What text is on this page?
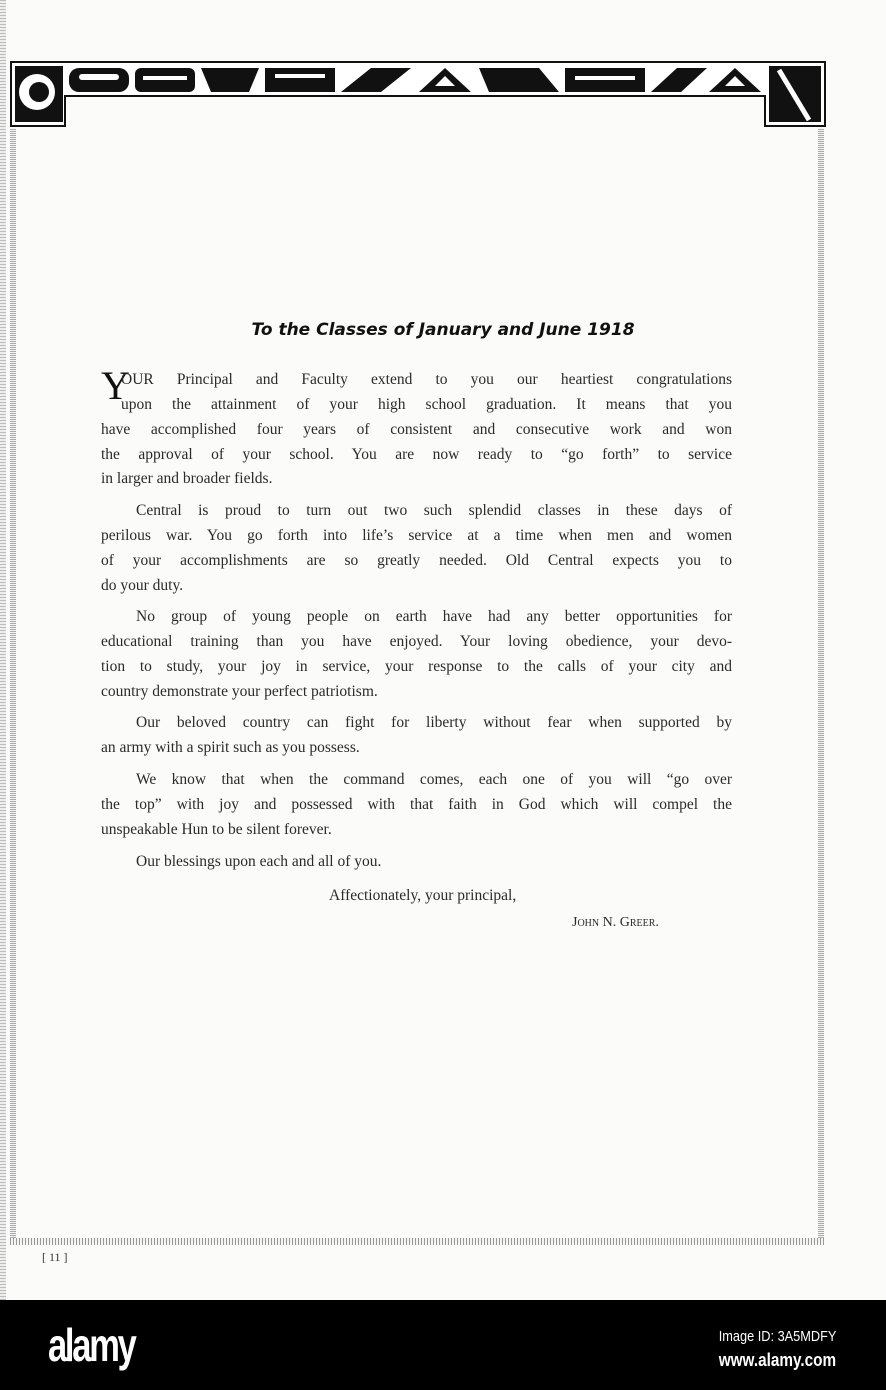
To the Classes of January and June 1918
Y
OUR Principal and Faculty extend to you our heartiest congratulations
upon the attainment of your high school graduation. It means that you
have accomplished four years of consistent and consecutive work and won
the approval of your school. You are now ready to “go forth” to service
in larger and broader fields.
Central is proud to turn out two such splendid classes in these days of
perilous war. You go forth into life’s service at a time when men and women
of your accomplishments are so greatly needed. Old Central expects you to
do your duty.
No group of young people on earth have had any better opportunities for
educational training than you have enjoyed. Your loving obedience, your devo-
tion to study, your joy in service, your response to the calls of your city and
country demonstrate your perfect patriotism.
Our beloved country can fight for liberty without fear when supported by
an army with a spirit such as you possess.
We know that when the command comes, each one of you will “go over
the top” with joy and possessed with that faith in God which will compel the
unspeakable Hun to be silent forever.
Our blessings upon each and all of you.
Affectionately, your principal,
John N. Greer.
[ 11 ]
alamy	Image ID: 3A5MDFY
www.alamy.com
